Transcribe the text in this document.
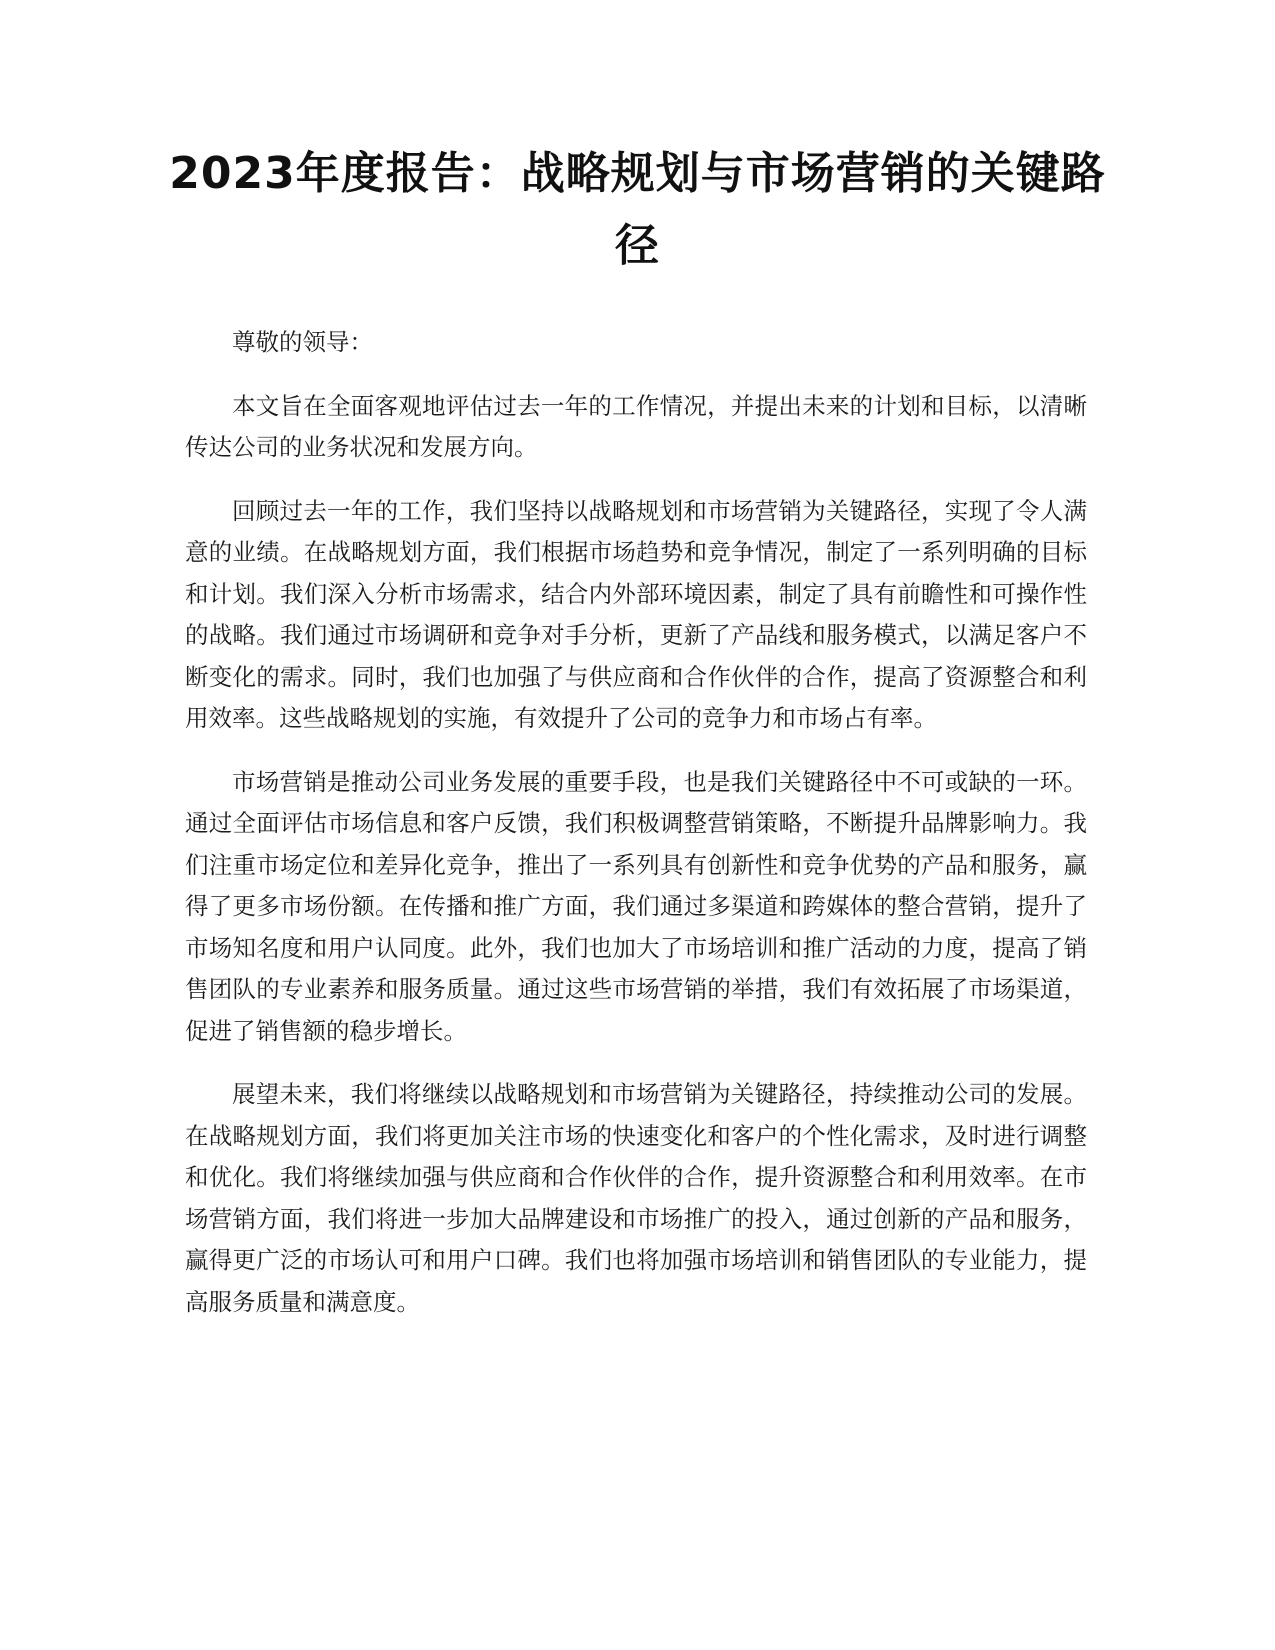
2023年度报告：战略规划与市场营销的关键路径

尊敬的领导：

本文旨在全面客观地评估过去一年的工作情况，并提出未来的计划和目标，以清晰传达公司的业务状况和发展方向。

回顾过去一年的工作，我们坚持以战略规划和市场营销为关键路径，实现了令人满意的业绩。在战略规划方面，我们根据市场趋势和竞争情况，制定了一系列明确的目标和计划。我们深入分析市场需求，结合内外部环境因素，制定了具有前瞻性和可操作性的战略。我们通过市场调研和竞争对手分析，更新了产品线和服务模式，以满足客户不断变化的需求。同时，我们也加强了与供应商和合作伙伴的合作，提高了资源整合和利用效率。这些战略规划的实施，有效提升了公司的竞争力和市场占有率。

市场营销是推动公司业务发展的重要手段，也是我们关键路径中不可或缺的一环。通过全面评估市场信息和客户反馈，我们积极调整营销策略，不断提升品牌影响力。我们注重市场定位和差异化竞争，推出了一系列具有创新性和竞争优势的产品和服务，赢得了更多市场份额。在传播和推广方面，我们通过多渠道和跨媒体的整合营销，提升了市场知名度和用户认同度。此外，我们也加大了市场培训和推广活动的力度，提高了销售团队的专业素养和服务质量。通过这些市场营销的举措，我们有效拓展了市场渠道，促进了销售额的稳步增长。

展望未来，我们将继续以战略规划和市场营销为关键路径，持续推动公司的发展。在战略规划方面，我们将更加关注市场的快速变化和客户的个性化需求，及时进行调整和优化。我们将继续加强与供应商和合作伙伴的合作，提升资源整合和利用效率。在市场营销方面，我们将进一步加大品牌建设和市场推广的投入，通过创新的产品和服务，赢得更广泛的市场认可和用户口碑。我们也将加强市场培训和销售团队的专业能力，提高服务质量和满意度。
